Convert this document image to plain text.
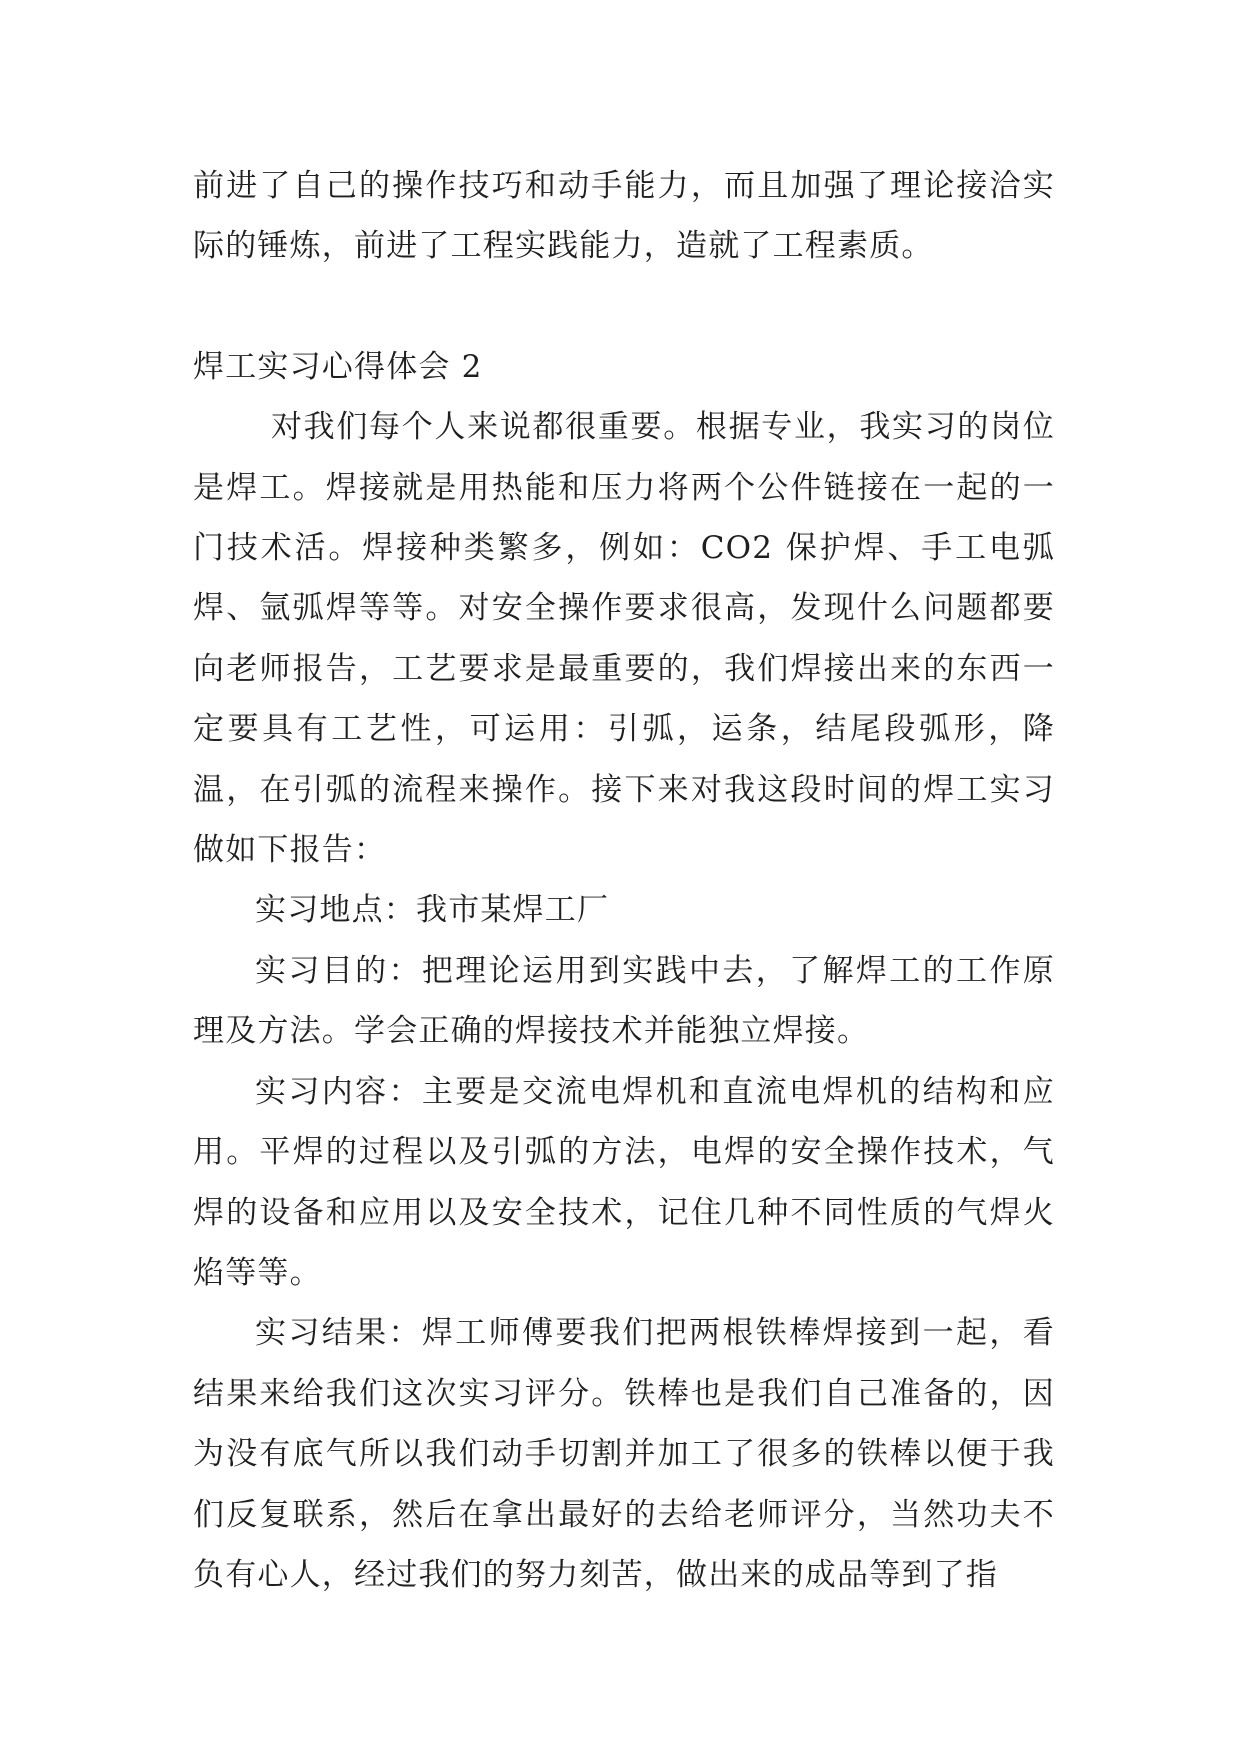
前进了自己的操作技巧和动手能力，而且加强了理论接洽实际的锤炼，前进了工程实践能力，造就了工程素质。

焊工实习心得体会 2

对我们每个人来说都很重要。根据专业，我实习的岗位是焊工。焊接就是用热能和压力将两个公件链接在一起的一门技术活。焊接种类繁多，例如：CO2 保护焊、手工电弧焊、氩弧焊等等。对安全操作要求很高，发现什么问题都要向老师报告，工艺要求是最重要的，我们焊接出来的东西一定要具有工艺性，可运用：引弧，运条，结尾段弧形，降温，在引弧的流程来操作。接下来对我这段时间的焊工实习做如下报告：

实习地点：我市某焊工厂

实习目的：把理论运用到实践中去，了解焊工的工作原理及方法。学会正确的焊接技术并能独立焊接。

实习内容：主要是交流电焊机和直流电焊机的结构和应用。平焊的过程以及引弧的方法，电焊的安全操作技术，气焊的设备和应用以及安全技术，记住几种不同性质的气焊火焰等等。

实习结果：焊工师傅要我们把两根铁棒焊接到一起，看结果来给我们这次实习评分。铁棒也是我们自己准备的，因为没有底气所以我们动手切割并加工了很多的铁棒以便于我们反复联系，然后在拿出最好的去给老师评分，当然功夫不负有心人，经过我们的努力刻苦，做出来的成品等到了指
